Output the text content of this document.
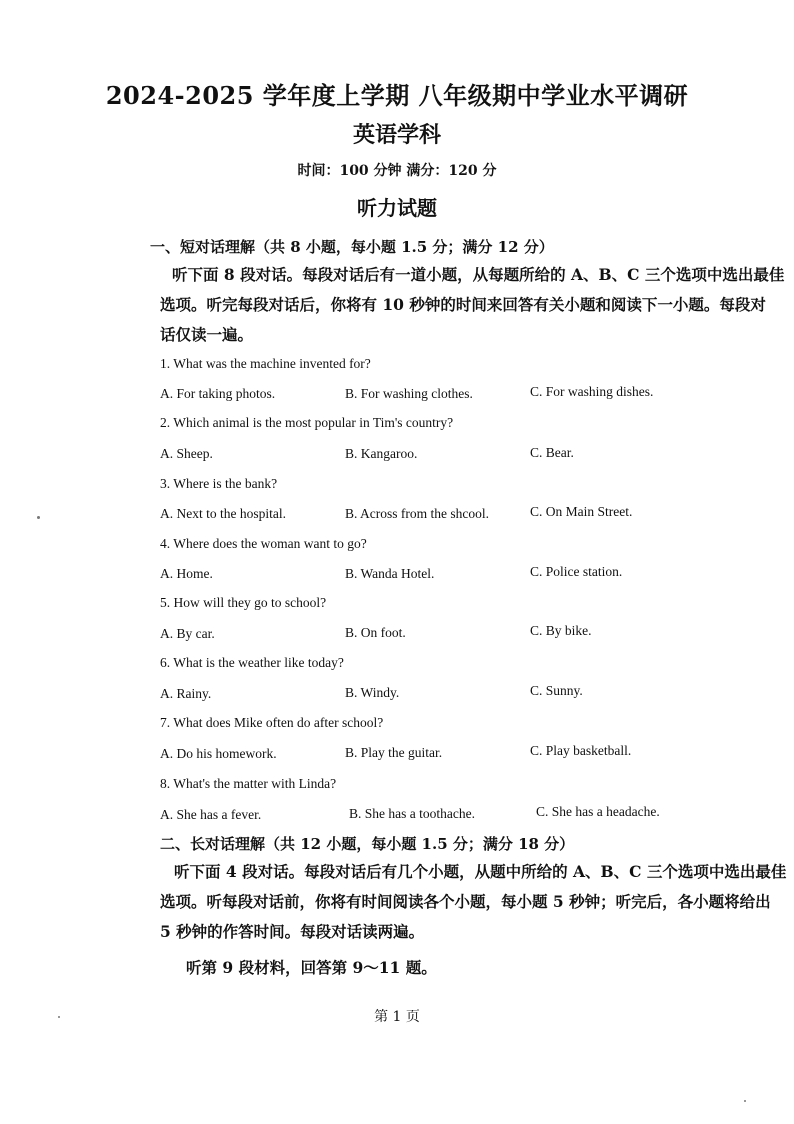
2024-2025 学年度上学期 八年级期中学业水平调研
英语学科
时间：100 分钟 满分：120 分
听力试题
一、短对话理解（共 8 小题，每小题 1.5 分；满分 12 分）
听下面 8 段对话。每段对话后有一道小题，从每题所给的 A、B、C 三个选项中选出最佳
选项。听完每段对话后，你将有 10 秒钟的时间来回答有关小题和阅读下一小题。每段对
话仅读一遍。
1. What was the machine invented for?
A. For taking photos.	B. For washing clothes.	C. For washing dishes.
2. Which animal is the most popular in Tim's country?
A. Sheep.	B. Kangaroo.	C. Bear.
3. Where is the bank?
A. Next to the hospital.	B. Across from the shcool.	C. On Main Street.
4. Where does the woman want to go?
A. Home.	B. Wanda Hotel.	C. Police station.
5. How will they go to school?
A. By car.	B. On foot.	C. By bike.
6. What is the weather like today?
A. Rainy.	B. Windy.	C. Sunny.
7. What does Mike often do after school?
A. Do his homework.	B. Play the guitar.	C. Play basketball.
8. What's the matter with Linda?
A. She has a fever.	B. She has a toothache.	C. She has a headache.
二、长对话理解（共 12 小题，每小题 1.5 分；满分 18 分）
听下面 4 段对话。每段对话后有几个小题，从题中所给的 A、B、C 三个选项中选出最佳
选项。听每段对话前，你将有时间阅读各个小题，每小题 5 秒钟；听完后，各小题将给出
5 秒钟的作答时间。每段对话读两遍。
听第 9 段材料，回答第 9～11 题。
第 1 页
